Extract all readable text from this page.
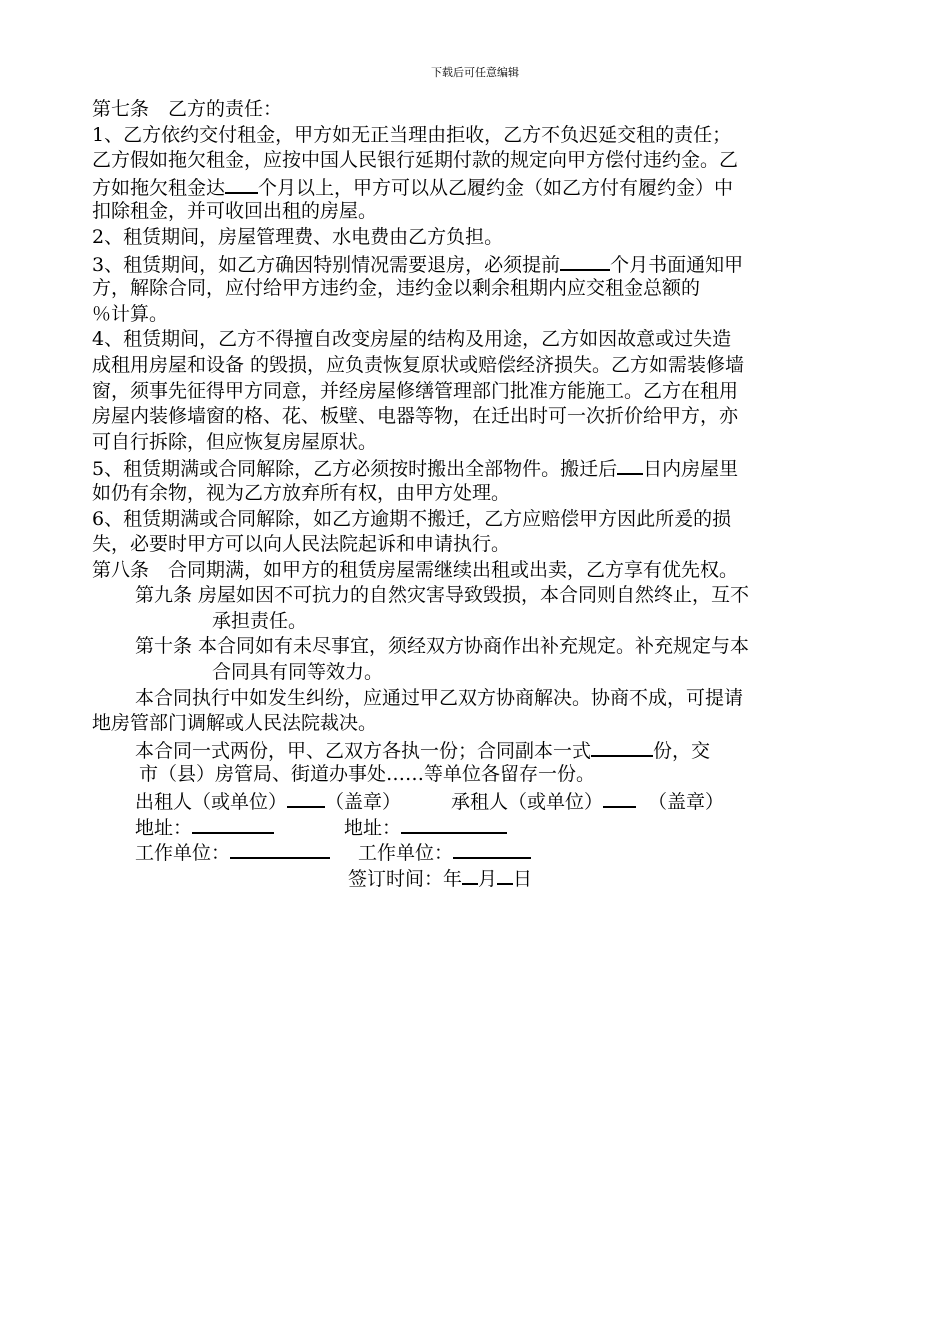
下载后可任意编辑
第七条　乙方的责任：
1、乙方依约交付租金，甲方如无正当理由拒收，乙方不负迟延交租的责任；
乙方假如拖欠租金，应按中国人民银行延期付款的规定向甲方偿付违约金。乙
方如拖欠租金达 个月以上，甲方可以从乙履约金（如乙方付有履约金）中
扣除租金，并可收回出租的房屋。
2、租赁期间，房屋管理费、水电费由乙方负担。
3、租赁期间，如乙方确因特别情况需要退房，必须提前	个月书面通知甲
方，解除合同，应付给甲方违约金，违约金以剩余租期内应交租金总额的
％计算。
4、租赁期间，乙方不得擅自改变房屋的结构及用途，乙方如因故意或过失造
成租用房屋和设备 的毁损，应负责恢复原状或赔偿经济损失。乙方如需装修墙
窗，须事先征得甲方同意，并经房屋修缮管理部门批准方能施工。乙方在租用
房屋内装修墙窗的格、花、板壁、电器等物，在迁出时可一次折价给甲方，亦
可自行拆除，但应恢复房屋原状。
5、租赁期满或合同解除，乙方必须按时搬出全部物件。搬迁后 日内房屋里
如仍有余物，视为乙方放弃所有权，由甲方处理。
6、租赁期满或合同解除，如乙方逾期不搬迁，乙方应赔偿甲方因此所爰的损
失，必要时甲方可以向人民法院起诉和申请执行。
第八条　合同期满，如甲方的租赁房屋需继续出租或出卖，乙方享有优先权。
第九条 房屋如因不可抗力的自然灾害导致毁损，本合同则自然终止，互不
承担责任。
第十条 本合同如有未尽事宜，须经双方协商作出补充规定。补充规定与本
合同具有同等效力。
本合同执行中如发生纠纷，应通过甲乙双方协商解决。协商不成，可提请
地房管部门调解或人民法院裁决。
本合同一式两份，甲、乙双方各执一份；合同副本一式	份，交
市（县）房管局、街道办事处……等单位各留存一份。
出租人（或单位） （盖章）	承租人（或单位） （盖章）
地址：	地址：
工作单位：	工作单位：
签订时间：年 月 日
